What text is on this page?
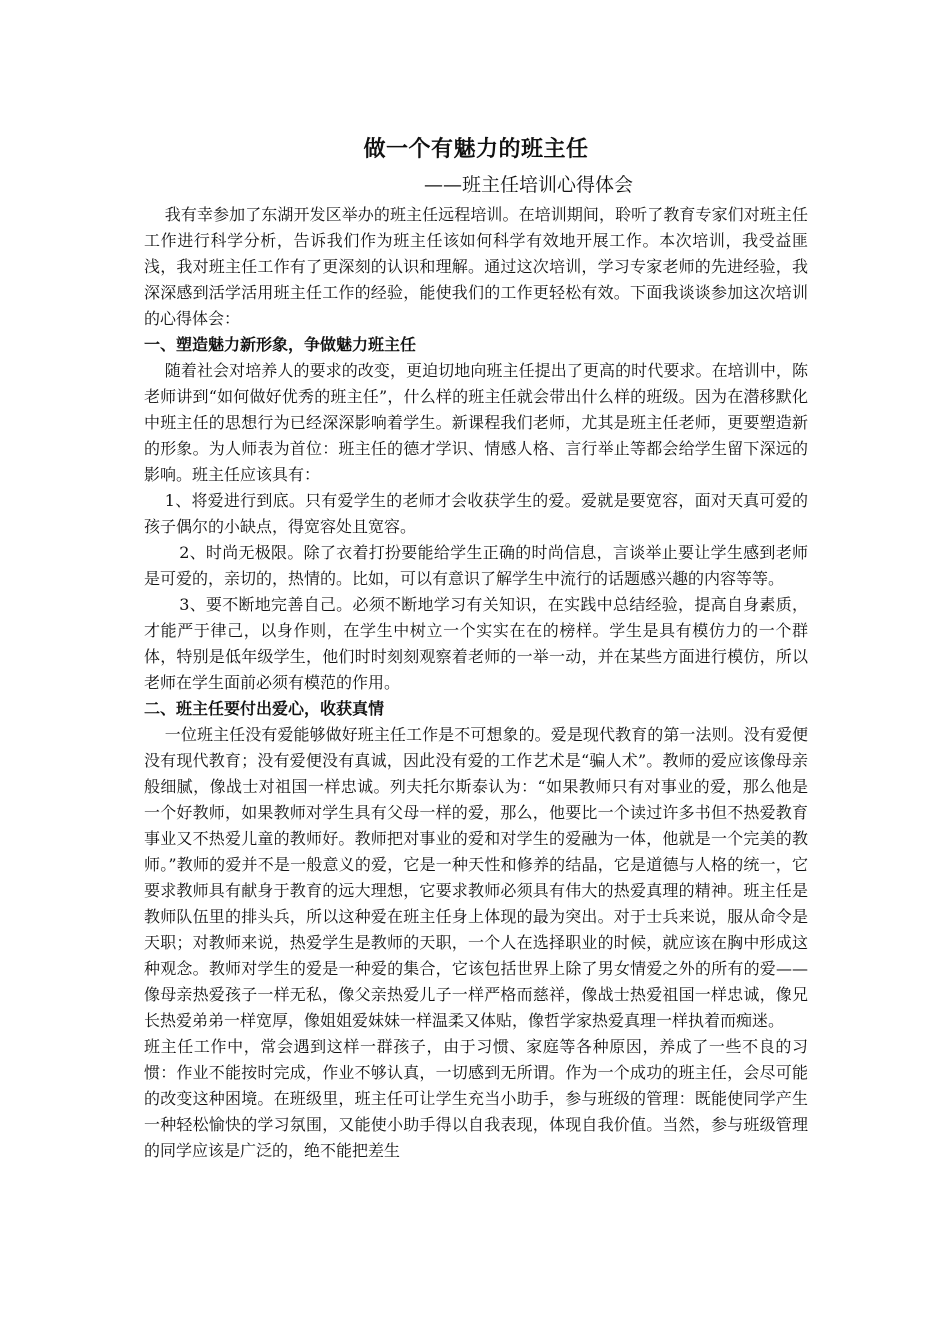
做一个有魅力的班主任

——班主任培训心得体会

我有幸参加了东湖开发区举办的班主任远程培训。在培训期间，聆听了教育专家们对班主任工作进行科学分析，告诉我们作为班主任该如何科学有效地开展工作。本次培训，我受益匪浅，我对班主任工作有了更深刻的认识和理解。通过这次培训，学习专家老师的先进经验，我深深感到活学活用班主任工作的经验，能使我们的工作更轻松有效。下面我谈谈参加这次培训的心得体会：

一、塑造魅力新形象，争做魅力班主任

随着社会对培养人的要求的改变，更迫切地向班主任提出了更高的时代要求。在培训中，陈老师讲到“如何做好优秀的班主任”，什么样的班主任就会带出什么样的班级。因为在潜移默化中班主任的思想行为已经深深影响着学生。新课程我们老师，尤其是班主任老师，更要塑造新的形象。为人师表为首位：班主任的德才学识、情感人格、言行举止等都会给学生留下深远的影响。班主任应该具有：

1、将爱进行到底。只有爱学生的老师才会收获学生的爱。爱就是要宽容，面对天真可爱的孩子偶尔的小缺点，得宽容处且宽容。

2、时尚无极限。除了衣着打扮要能给学生正确的时尚信息，言谈举止要让学生感到老师是可爱的，亲切的，热情的。比如，可以有意识了解学生中流行的话题感兴趣的内容等等。

3、要不断地完善自己。必须不断地学习有关知识，在实践中总结经验，提高自身素质，才能严于律己，以身作则，在学生中树立一个实实在在的榜样。学生是具有模仿力的一个群体，特别是低年级学生，他们时时刻刻观察着老师的一举一动，并在某些方面进行模仿，所以老师在学生面前必须有模范的作用。

二、班主任要付出爱心，收获真情

一位班主任没有爱能够做好班主任工作是不可想象的。爱是现代教育的第一法则。没有爱便没有现代教育；没有爱便没有真诚，因此没有爱的工作艺术是“骗人术”。教师的爱应该像母亲般细腻，像战士对祖国一样忠诚。列夫托尔斯泰认为：“如果教师只有对事业的爱，那么他是一个好教师，如果教师对学生具有父母一样的爱，那么，他要比一个读过许多书但不热爱教育事业又不热爱儿童的教师好。教师把对事业的爱和对学生的爱融为一体，他就是一个完美的教师。”教师的爱并不是一般意义的爱，它是一种天性和修养的结晶，它是道德与人格的统一，它要求教师具有献身于教育的远大理想，它要求教师必须具有伟大的热爱真理的精神。班主任是教师队伍里的排头兵，所以这种爱在班主任身上体现的最为突出。对于士兵来说，服从命令是天职；对教师来说，热爱学生是教师的天职，一个人在选择职业的时候，就应该在胸中形成这种观念。教师对学生的爱是一种爱的集合，它该包括世界上除了男女情爱之外的所有的爱——像母亲热爱孩子一样无私，像父亲热爱儿子一样严格而慈祥，像战士热爱祖国一样忠诚，像兄长热爱弟弟一样宽厚，像姐姐爱妹妹一样温柔又体贴，像哲学家热爱真理一样执着而痴迷。

班主任工作中，常会遇到这样一群孩子，由于习惯、家庭等各种原因，养成了一些不良的习惯：作业不能按时完成，作业不够认真，一切感到无所谓。作为一个成功的班主任，会尽可能的改变这种困境。在班级里，班主任可让学生充当小助手，参与班级的管理：既能使同学产生一种轻松愉快的学习氛围，又能使小助手得以自我表现，体现自我价值。当然，参与班级管理的同学应该是广泛的，绝不能把差生
